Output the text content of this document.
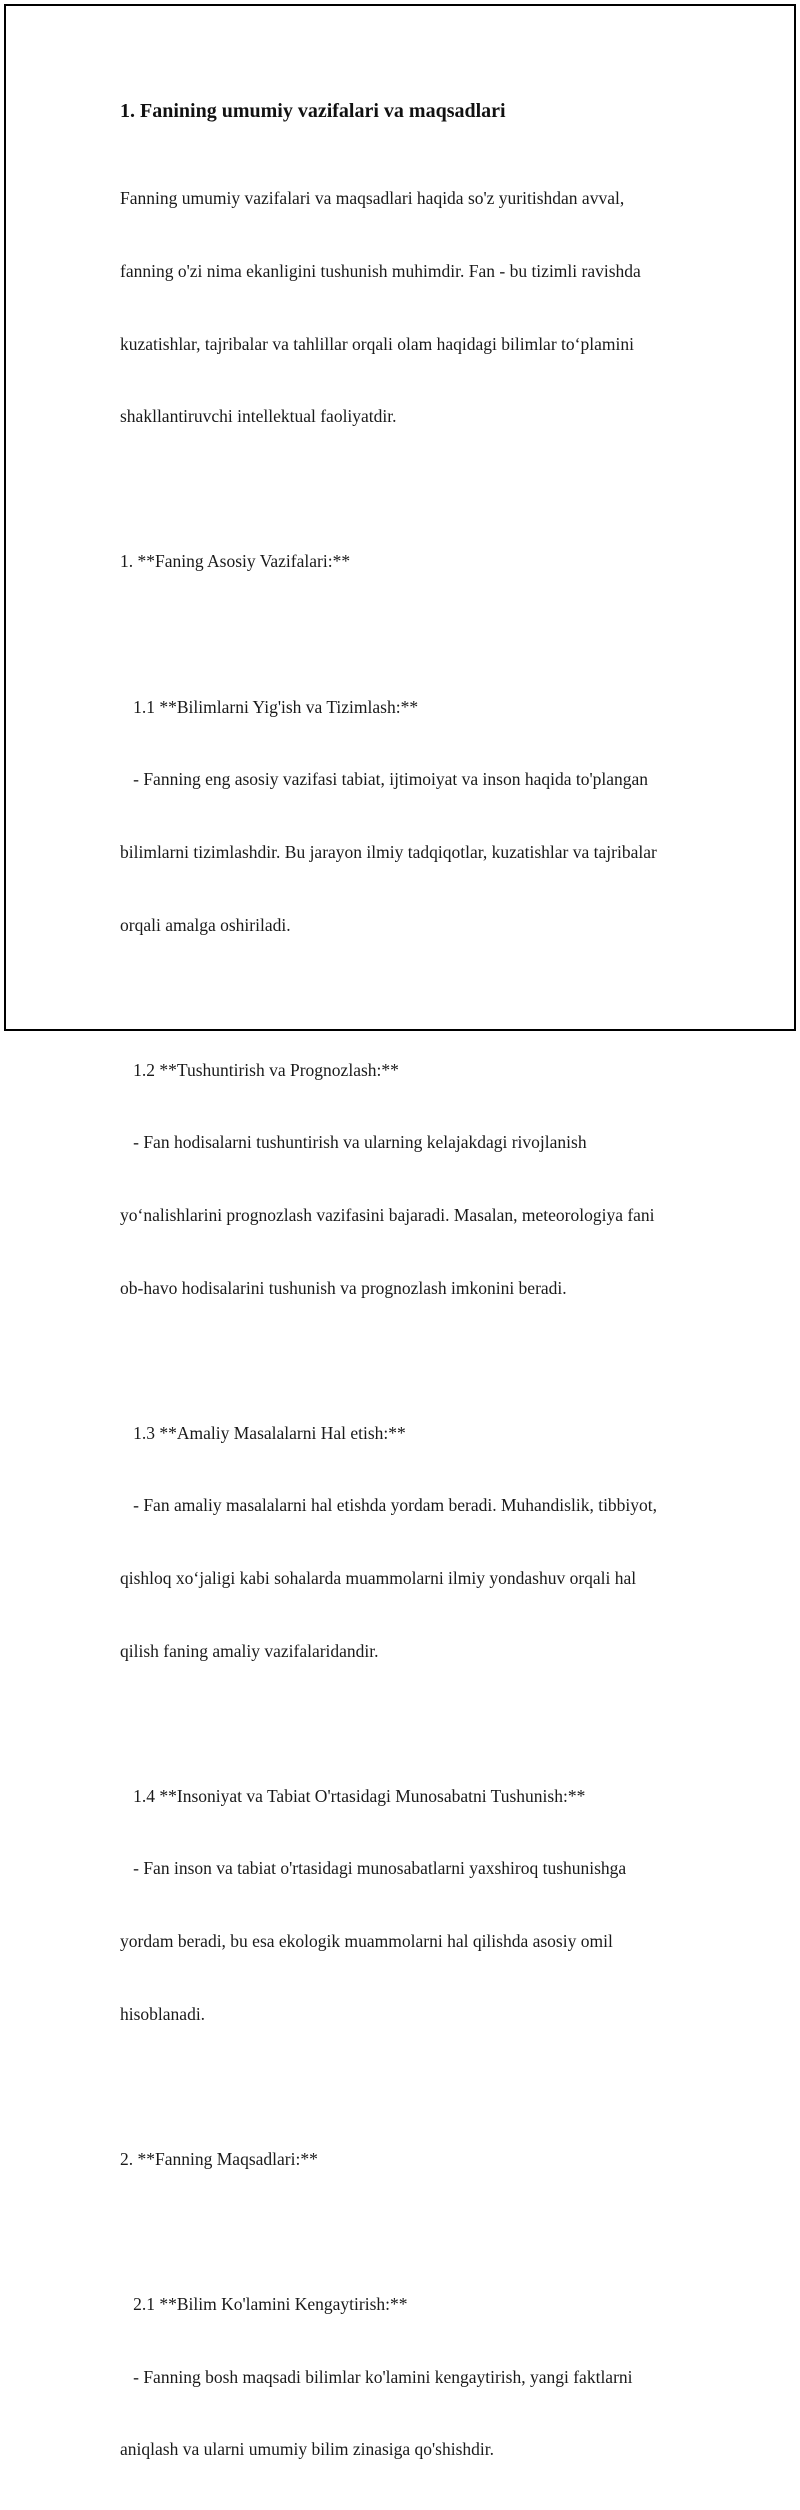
1. Fanining umumiy vazifalari va maqsadlari

Fanning umumiy vazifalari va maqsadlari haqida so'z yuritishdan avval,

fanning o'zi nima ekanligini tushunish muhimdir. Fan - bu tizimli ravishda

kuzatishlar, tajribalar va tahlillar orqali olam haqidagi bilimlar to‘plamini

shakllantiruvchi intellektual faoliyatdir.

1. **Faning Asosiy Vazifalari:**

1.1 **Bilimlarni Yig'ish va Tizimlash:**

- Fanning eng asosiy vazifasi tabiat, ijtimoiyat va inson haqida to'plangan

bilimlarni tizimlashdir. Bu jarayon ilmiy tadqiqotlar, kuzatishlar va tajribalar

orqali amalga oshiriladi.

1.2 **Tushuntirish va Prognozlash:**

- Fan hodisalarni tushuntirish va ularning kelajakdagi rivojlanish

yo‘nalishlarini prognozlash vazifasini bajaradi. Masalan, meteorologiya fani

ob-havo hodisalarini tushunish va prognozlash imkonini beradi.

1.3 **Amaliy Masalalarni Hal etish:**

- Fan amaliy masalalarni hal etishda yordam beradi. Muhandislik, tibbiyot,

qishloq xo‘jaligi kabi sohalarda muammolarni ilmiy yondashuv orqali hal

qilish faning amaliy vazifalaridandir.

1.4 **Insoniyat va Tabiat O'rtasidagi Munosabatni Tushunish:**

- Fan inson va tabiat o'rtasidagi munosabatlarni yaxshiroq tushunishga

yordam beradi, bu esa ekologik muammolarni hal qilishda asosiy omil

hisoblanadi.

2. **Fanning Maqsadlari:**

2.1 **Bilim Ko'lamini Kengaytirish:**

- Fanning bosh maqsadi bilimlar ko'lamini kengaytirish, yangi faktlarni

aniqlash va ularni umumiy bilim zinasiga qo'shishdir.
